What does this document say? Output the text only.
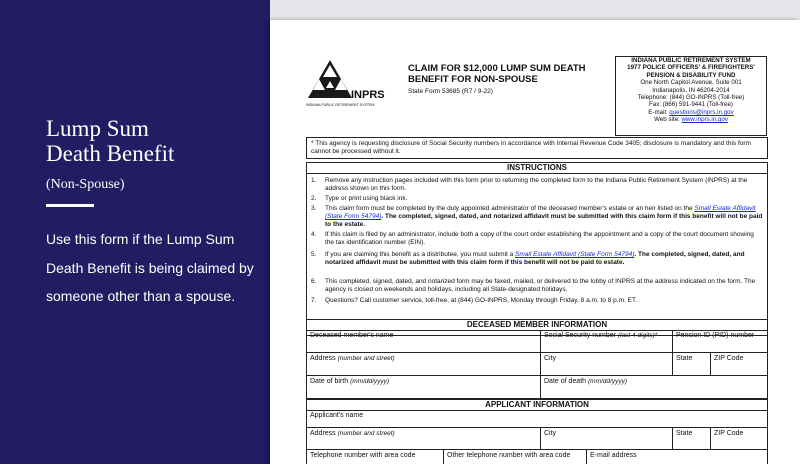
Lump Sum
Death Benefit
(Non-Spouse)
Use this form if the Lump Sum Death Benefit is being claimed by someone other than a spouse.
INPRS
INDIANA PUBLIC RETIREMENT SYSTEM
CLAIM FOR $12,000 LUMP SUM DEATH
BENEFIT FOR NON-SPOUSE
State Form 53685 (R7 / 9-22)
INDIANA PUBLIC RETIREMENT SYSTEM
1977 POLICE OFFICERS' & FIREFIGHTERS'
PENSION & DISABILITY FUND
One North Capitol Avenue, Suite 001
Indianapolis, IN 46204-2014
Telephone: (844) GO-INPRS (Toll-free)
Fax: (866) 591-9441 (Toll-free)
E-mail: questions@inprs.in.gov
Web site: www.inprs.in.gov
* This agency is requesting disclosure of Social Security numbers in accordance with Internal Revenue Code 3405; disclosure is mandatory and this form cannot be processed without it.
INSTRUCTIONS
1.	Remove any instruction pages included with this form prior to returning the completed form to the Indiana Public Retirement System (INPRS) at the address shown on this form.
2.	Type or print using black ink.
3.	This claim form must be completed by the duly appointed administrator of the deceased member's estate or an heir listed on the Small Estate Affidavit (State Form 54794). The completed, signed, dated, and notarized affidavit must be submitted with this claim form if this benefit will not be paid to the estate.
4.	If this claim is filed by an administrator, include both a copy of the court order establishing the appointment and a copy of the court document showing the tax identification number (EIN).
5.	If you are claiming this benefit as a distributee, you must submit a Small Estate Affidavit (State Form 54794). The completed, signed, dated, and notarized affidavit must be submitted with this claim form if this benefit will not be paid to estate.
6.	This completed, signed, dated, and notarized form may be faxed, mailed, or delivered to the lobby of INPRS at the address indicated on the form. The agency is closed on weekends and holidays, including all State-designated holidays.
7.	Questions? Call customer service, toll-free, at (844) GO-INPRS, Monday through Friday, 8 a.m. to 8 p.m. ET.
DECEASED MEMBER INFORMATION
Deceased member's name	Social Security number (last 4 digits)*	Pension ID (PID) number
Address (number and street)	City	State	ZIP Code
Date of birth (mm/dd/yyyy)	Date of death (mm/dd/yyyy)
APPLICANT INFORMATION
Applicant's name
Address (number and street)	City	State	ZIP Code
Telephone number with area code	Other telephone number with area code	E-mail address
